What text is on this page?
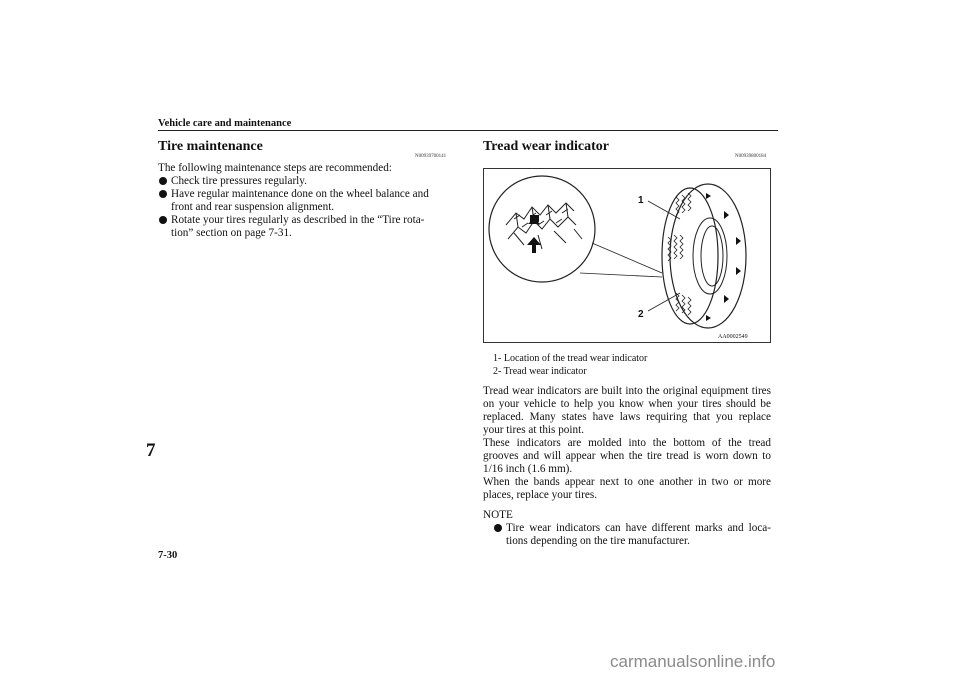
Vehicle care and maintenance
7
7-30
Tire maintenance
N00939700141
The following maintenance steps are recommended:
Check tire pressures regularly.
Have regular maintenance done on the wheel balance and
front and rear suspension alignment.
Rotate your tires regularly as described in the “Tire rota-
tion” section on page 7-31.
Tread wear indicator
N00939800184
1
2
AA0002549
1- Location of the tread wear indicator
2- Tread wear indicator
Tread wear indicators are built into the original equipment tires
on your vehicle to help you know when your tires should be
replaced. Many states have laws requiring that you replace
your tires at this point.
These indicators are molded into the bottom of the tread
grooves and will appear when the tire tread is worn down to
1/16 inch (1.6 mm).
When the bands appear next to one another in two or more
places, replace your tires.
NOTE
Tire wear indicators can have different marks and loca-
tions depending on the tire manufacturer.
carmanualsonline.info
